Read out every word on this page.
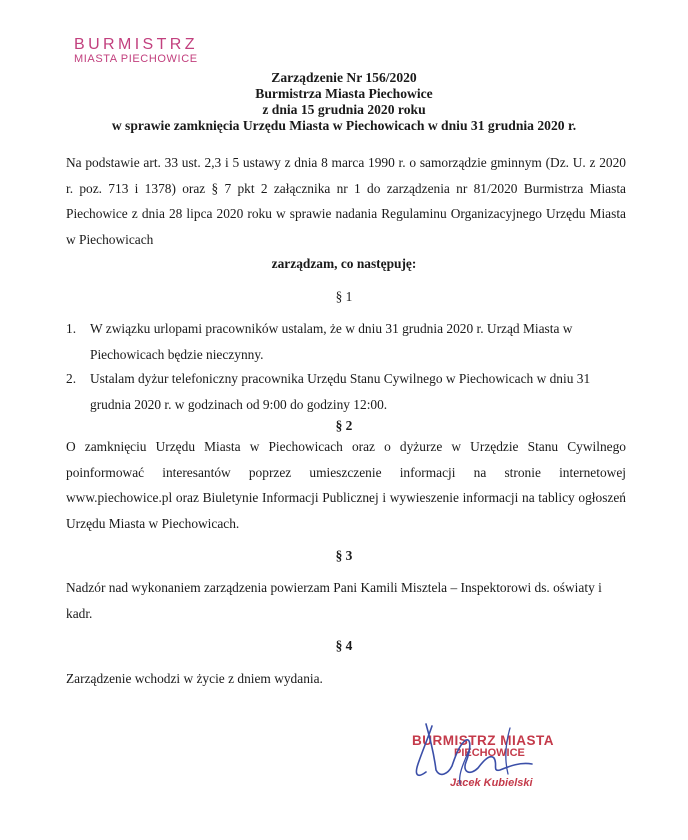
BURMISTRZ
MIASTA PIECHOWICE
Zarządzenie Nr 156/2020
Burmistrza Miasta Piechowice
z dnia 15 grudnia 2020 roku
w sprawie zamknięcia Urzędu Miasta w Piechowicach w dniu 31 grudnia 2020 r.
Na podstawie art. 33 ust. 2,3 i 5 ustawy z dnia 8 marca 1990 r. o samorządzie gminnym (Dz. U. z 2020 r. poz. 713 i 1378) oraz § 7 pkt 2 załącznika nr 1 do zarządzenia nr 81/2020 Burmistrza Miasta Piechowice z dnia 28 lipca 2020 roku w sprawie nadania Regulaminu Organizacyjnego Urzędu Miasta w Piechowicach
zarządzam, co następuję:
§ 1
1.	W związku urlopami pracowników ustalam, że w dniu 31 grudnia 2020 r. Urząd Miasta w Piechowicach będzie nieczynny.
2.	Ustalam dyżur telefoniczny pracownika Urzędu Stanu Cywilnego w Piechowicach w dniu 31 grudnia 2020 r. w godzinach od 9:00 do godziny 12:00.
§ 2
O zamknięciu Urzędu Miasta w Piechowicach oraz o dyżurze w Urzędzie Stanu Cywilnego poinformować interesantów poprzez umieszczenie informacji na stronie internetowej www.piechowice.pl oraz Biuletynie Informacji Publicznej i wywieszenie informacji na tablicy ogłoszeń Urzędu Miasta w Piechowicach.
§ 3
Nadzór nad wykonaniem zarządzenia powierzam Pani Kamili Misztela – Inspektorowi ds. oświaty i kadr.
§ 4
Zarządzenie wchodzi w życie z dniem wydania.
BURMISTRZ MIASTA
PIECHOWICE
Jacek Kubielski
